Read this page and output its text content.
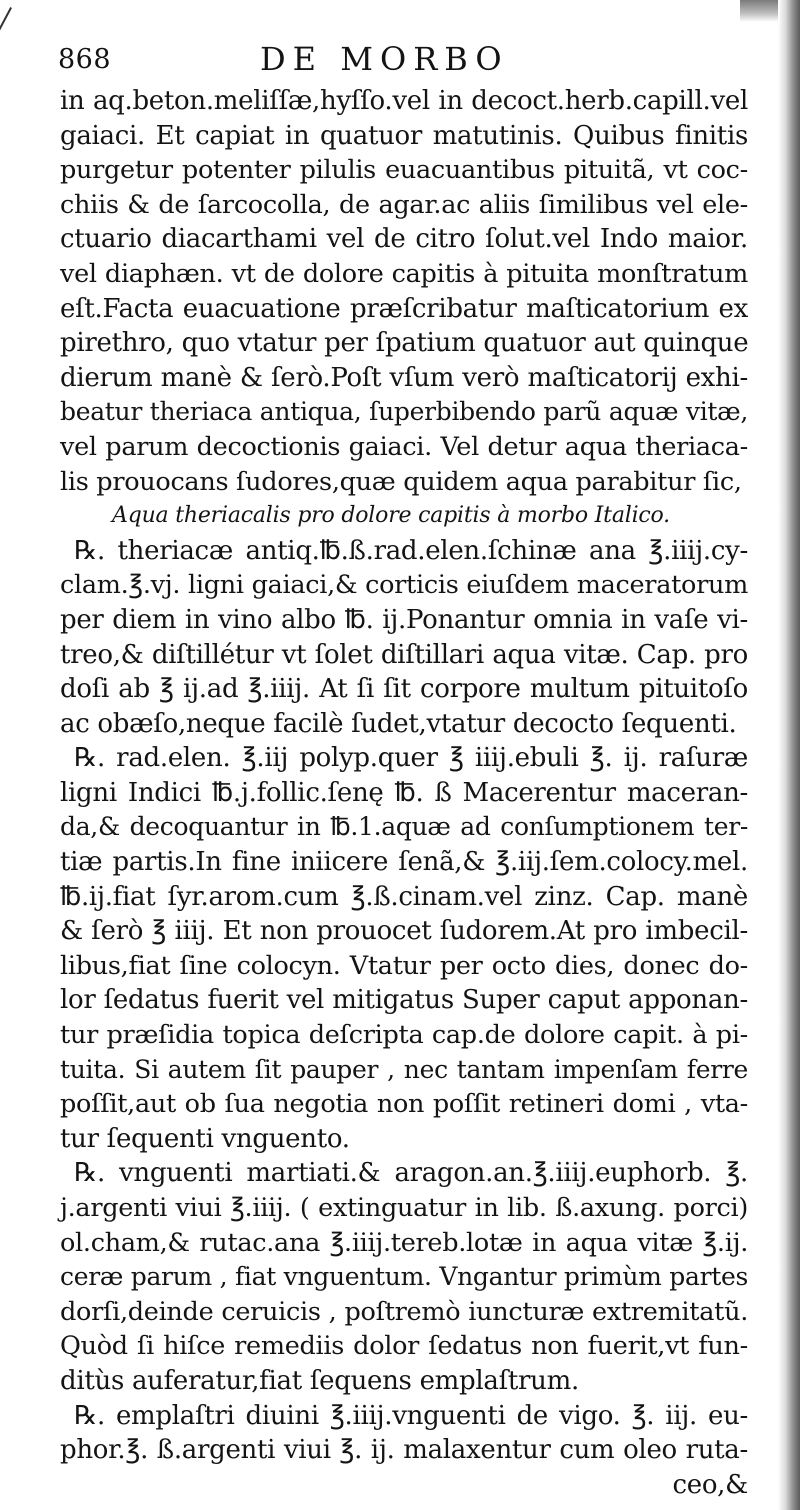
868	DE MORBO
in aq.beton.meliſſæ,hyſſo.vel in decoct.herb.capill.vel
gaiaci. Et capiat in quatuor matutinis. Quibus finitis
purgetur potenter pilulis euacuantibus pituitã, vt coc-
chiis & de ſarcocolla, de agar.ac aliis ſimilibus vel ele-
ctuario diacarthami vel de citro ſolut.vel Indo maior.
vel diaphæn. vt de dolore capitis à pituita monſtratum
eſt.Facta euacuatione præſcribatur maſticatorium ex
pirethro, quo vtatur per ſpatium quatuor aut quinque
dierum manè & ſerò.Poſt vſum verò maſticatorij exhi-
beatur theriaca antiqua, ſuperbibendo parũ aquæ vitæ,
vel parum decoctionis gaiaci. Vel detur aqua theriaca-
lis prouocans ſudores,quæ quidem aqua parabitur ſic,
Aqua theriacalis pro dolore capitis à morbo Italico.
℞. theriacæ antiq.℔.ß.rad.elen.ſchinæ ana ℥.iiij.cy-
clam.℥.vj. ligni gaiaci,& corticis eiuſdem maceratorum
per diem in vino albo ℔. ij.Ponantur omnia in vaſe vi-
treo,& diſtillétur vt ſolet diſtillari aqua vitæ. Cap. pro
doſi ab ℥ ij.ad ℥.iiij. At ſi ſit corpore multum pituitoſo
ac obæſo,neque facilè ſudet,vtatur decocto ſequenti.
℞. rad.elen. ℥.iij polyp.quer ℥ iiij.ebuli ℥. ij. raſuræ
ligni Indici ℔.j.follic.ſenę ℔. ß Macerentur maceran-
da,& decoquantur in ℔.1.aquæ ad conſumptionem ter-
tiæ partis.In fine iniicere ſenã,& ℥.iij.ſem.colocy.mel.
℔.ij.fiat ſyr.arom.cum ℥.ß.cinam.vel zinz. Cap. manè
& ſerò ℥ iiij. Et non prouocet ſudorem.At pro imbecil-
libus,fiat ſine colocyn. Vtatur per octo dies, donec do-
lor ſedatus fuerit vel mitigatus Super caput apponan-
tur præſidia topica deſcripta cap.de dolore capit. à pi-
tuita. Si autem ſit pauper , nec tantam impenſam ferre
poſſit,aut ob ſua negotia non poſſit retineri domi , vta-
tur ſequenti vnguento.
℞. vnguenti martiati.& aragon.an.℥.iiij.euphorb. ℥.
j.argenti viui ℥.iiij. ( extinguatur in lib. ß.axung. porci)
ol.cham,& rutac.ana ℥.iiij.tereb.lotæ in aqua vitæ ℥.ij.
ceræ parum , fiat vnguentum. Vngantur primùm partes
dorſi,deinde ceruicis , poſtremò iuncturæ extremitatũ.
Quòd ſi hiſce remediis dolor ſedatus non fuerit,vt fun-
ditùs auferatur,fiat ſequens emplaſtrum.
℞. emplaſtri diuini ℥.iiij.vnguenti de vigo. ℥. iij. eu-
phor.℥. ß.argenti viui ℥. ij. malaxentur cum oleo ruta-
ceo,&
